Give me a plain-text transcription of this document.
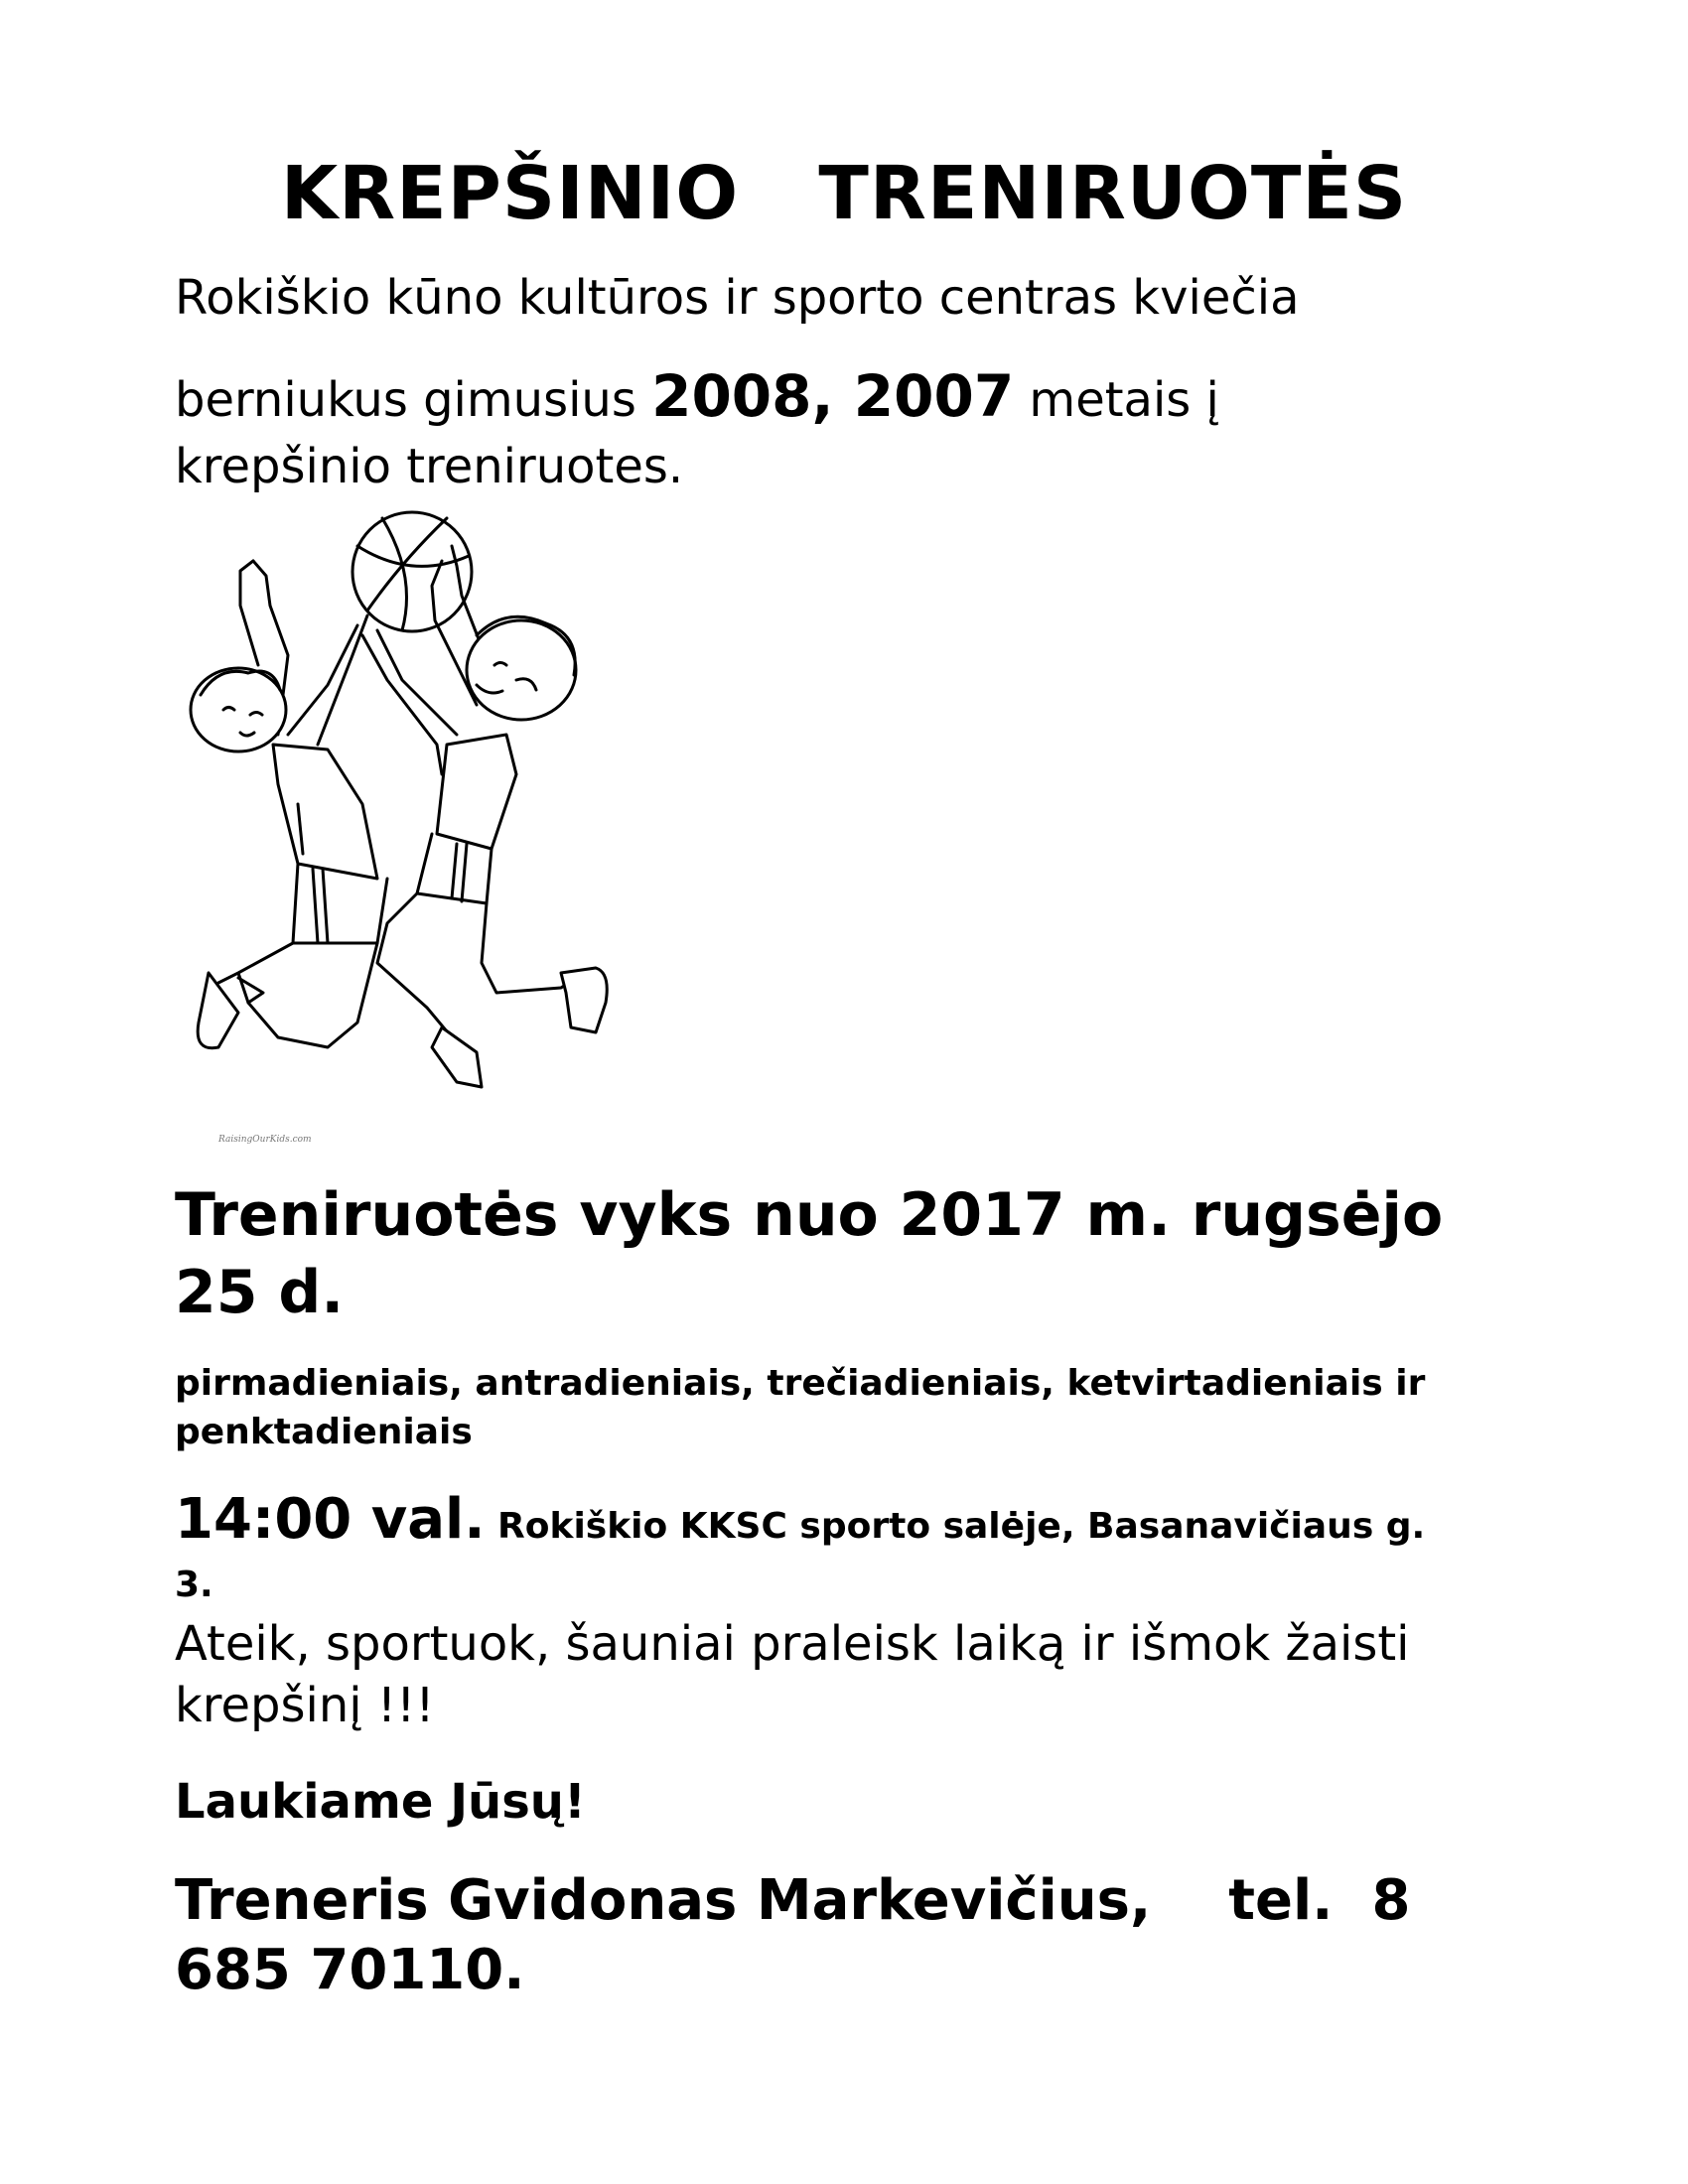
KREPŠINIO   TRENIRUOTĖS

Rokiškio kūno kultūros ir sporto centras kviečia

berniukus gimusius 2008, 2007 metais į krepšinio treniruotes.

RaisingOurKids.com

Treniruotės vyks nuo 2017 m. rugsėjo 25 d.

pirmadieniais, antradieniais, trečiadieniais, ketvirtadieniais ir penktadieniais

14:00 val. Rokiškio KKSC sporto salėje, Basanavičiaus g. 3.

Ateik, sportuok, šauniai praleisk laiką ir išmok žaisti krepšinį !!!

Laukiame Jūsų!

Treneris Gvidonas Markevičius,    tel.  8 685 70110.
